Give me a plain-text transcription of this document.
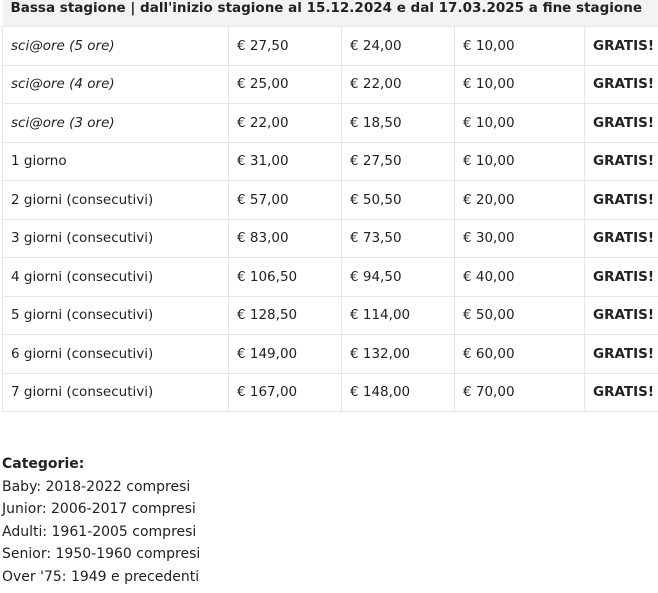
Bassa stagione | dall'inizio stagione al 15.12.2024 e dal 17.03.2025 a fine stagione				
sci@ore (5 ore)	€ 27,50	€ 24,00	€ 10,00	GRATIS!
sci@ore (4 ore)	€ 25,00	€ 22,00	€ 10,00	GRATIS!
sci@ore (3 ore)	€ 22,00	€ 18,50	€ 10,00	GRATIS!
1 giorno	€ 31,00	€ 27,50	€ 10,00	GRATIS!
2 giorni (consecutivi)	€ 57,00	€ 50,50	€ 20,00	GRATIS!
3 giorni (consecutivi)	€ 83,00	€ 73,50	€ 30,00	GRATIS!
4 giorni (consecutivi)	€ 106,50	€ 94,50	€ 40,00	GRATIS!
5 giorni (consecutivi)	€ 128,50	€ 114,00	€ 50,00	GRATIS!
6 giorni (consecutivi)	€ 149,00	€ 132,00	€ 60,00	GRATIS!
7 giorni (consecutivi)	€ 167,00	€ 148,00	€ 70,00	GRATIS!
Categorie:
Baby: 2018-2022 compresi
Junior: 2006-2017 compresi
Adulti: 1961-2005 compresi
Senior: 1950-1960 compresi
Over '75: 1949 e precedenti
